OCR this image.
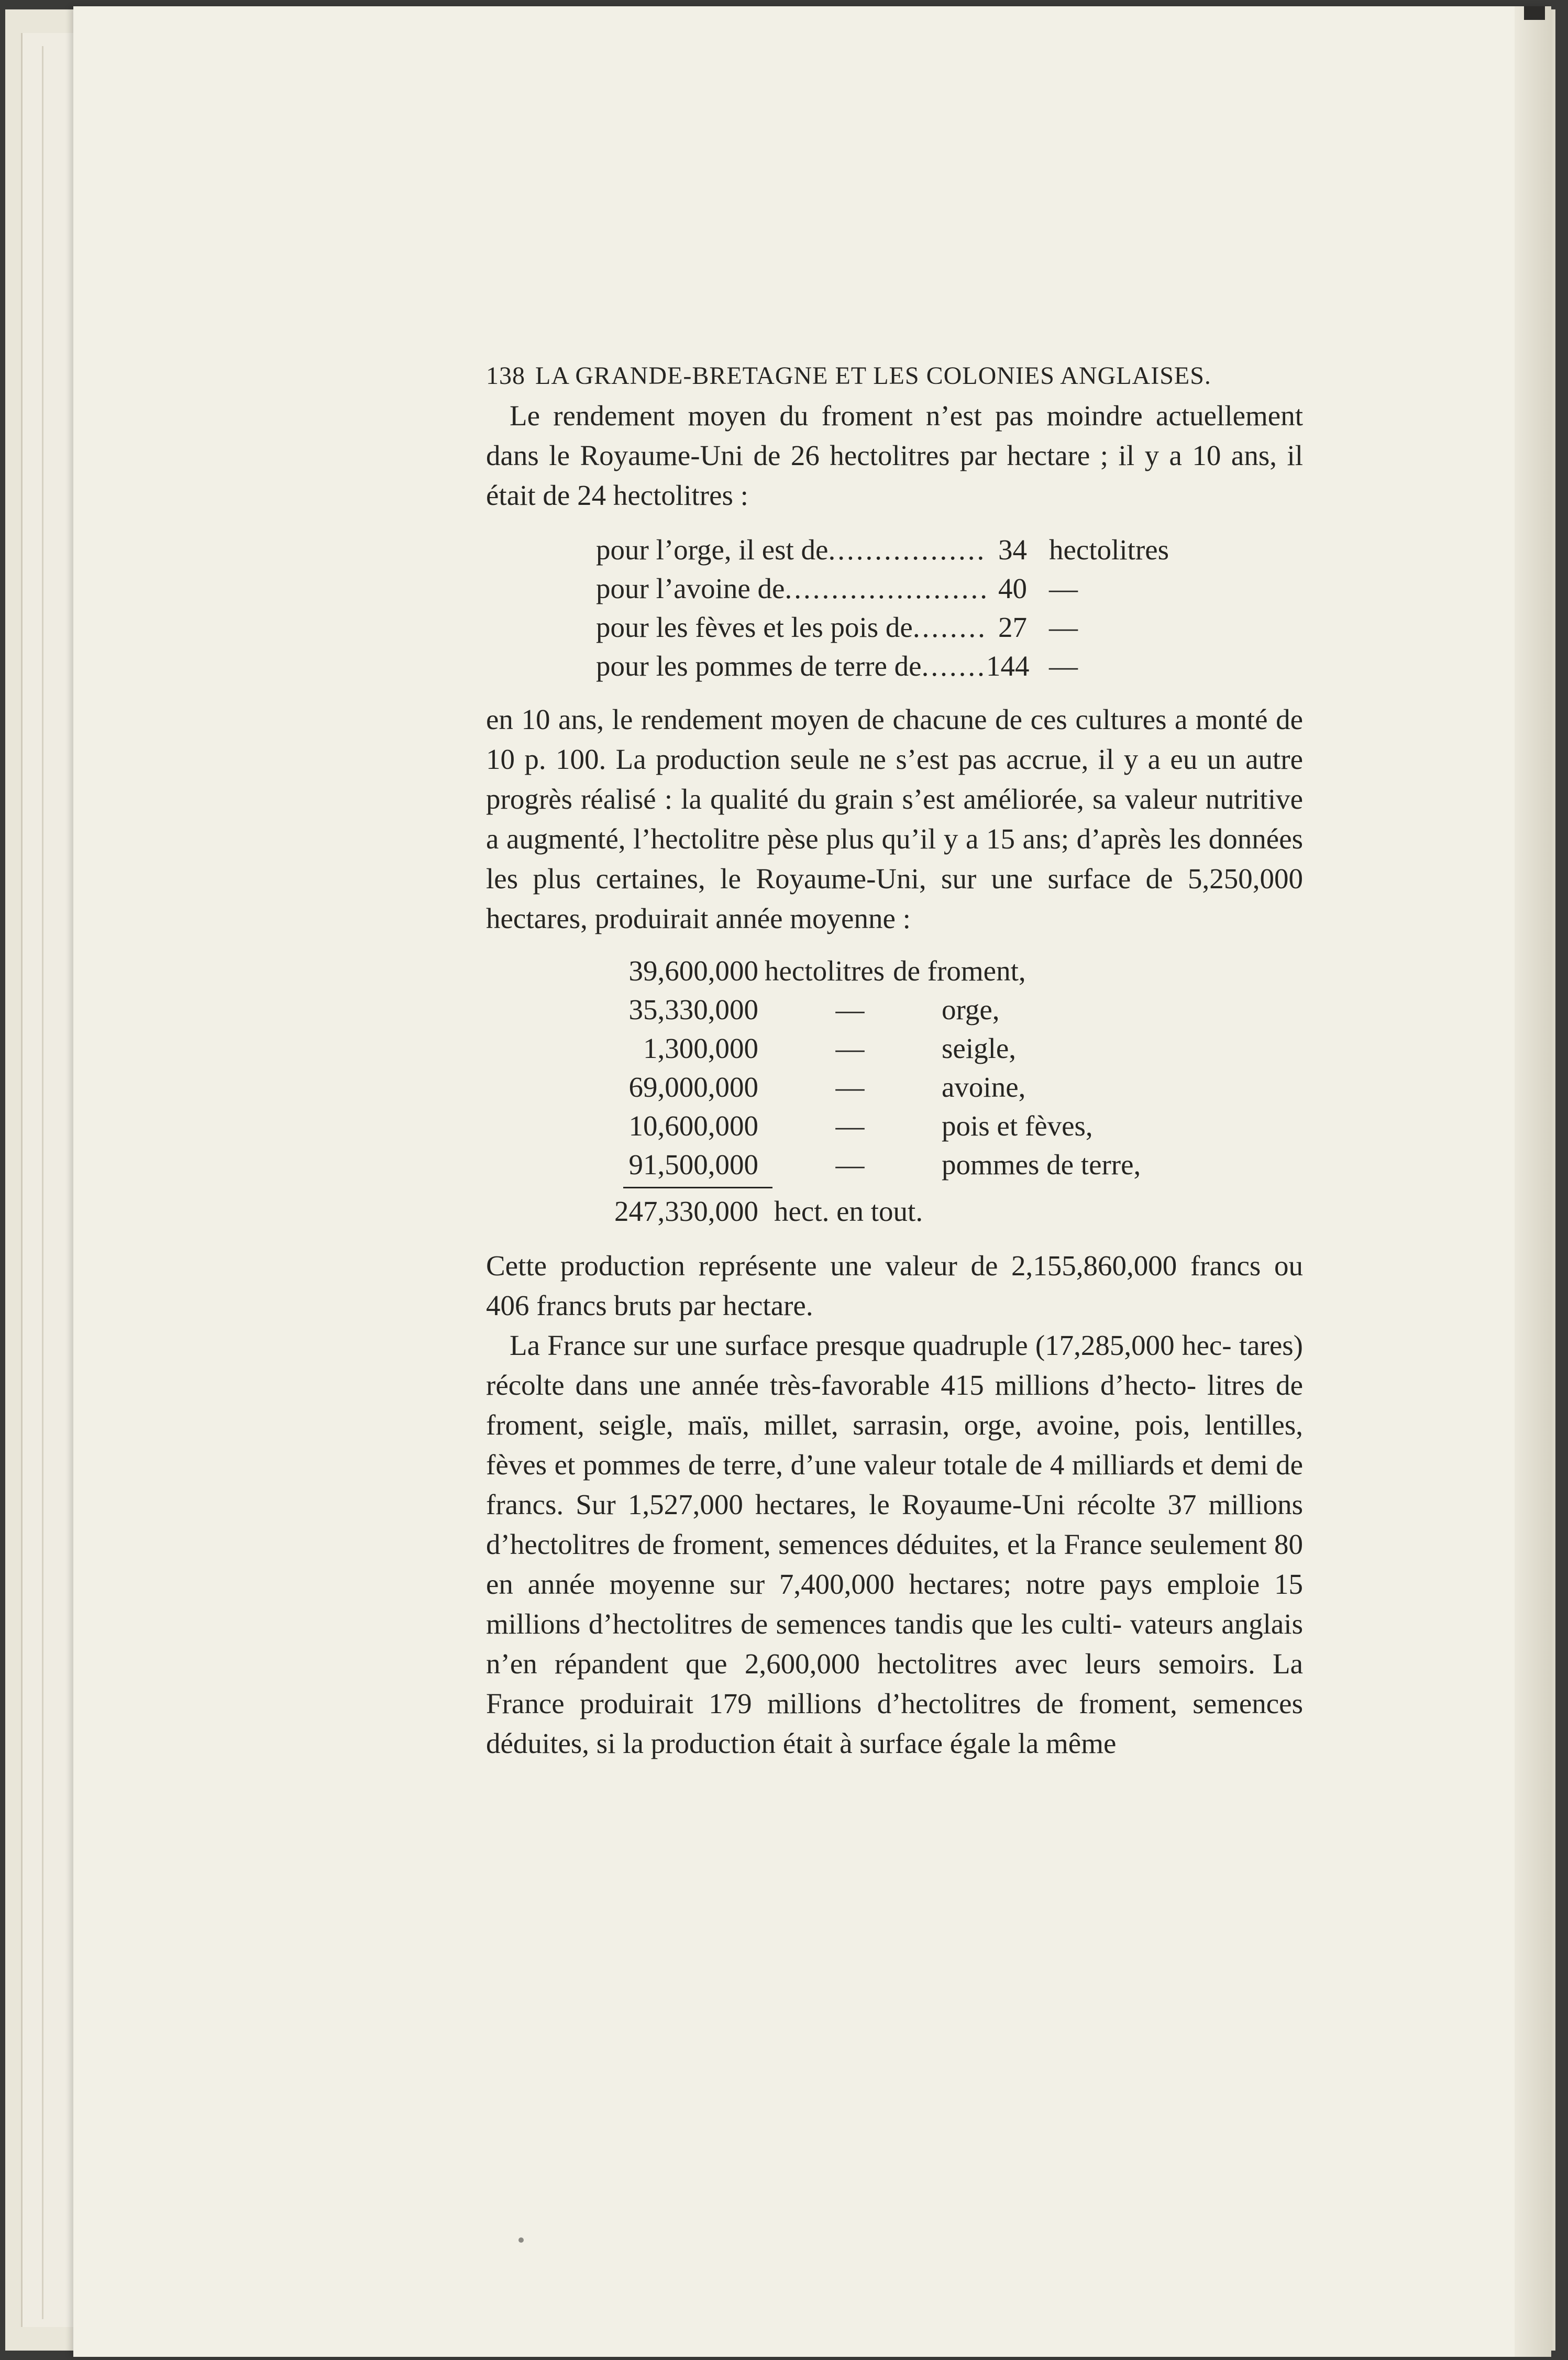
138 LA GRANDE-BRETAGNE ET LES COLONIES ANGLAISES.

Le rendement moyen du froment n’est pas moindre actuellement dans le Royaume-Uni de 26 hectolitres par hectare ; il y a 10 ans, il était de 24 hectolitres :

pour l’orge, il est de .....	34 hectolitres
pour l’avoine de .....	40 —
pour les fèves et les pois de .....	27 —
pour les pommes de terre de .....	144 —

en 10 ans, le rendement moyen de chacune de ces cultures a monté de 10 p. 100. La production seule ne s’est pas accrue, il y a eu un autre progrès réalisé : la qualité du grain s’est améliorée, sa valeur nutritive a augmenté, l’hectolitre pèse plus qu’il y a 15 ans; d’après les données les plus certaines, le Royaume-Uni, sur une surface de 5,250,000 hectares, produirait année moyenne :

39,600,000 hectolitres de froment,
35,330,000	—	orge,
1,300,000	—	seigle,
69,000,000	—	avoine,
10,600,000	—	pois et fèves,
91,500,000	—	pommes de terre,
247,330,000 hect. en tout.

Cette production représente une valeur de 2,155,860,000 francs ou 406 francs bruts par hectare.

La France sur une surface presque quadruple (17,285,000 hec- tares) récolte dans une année très-favorable 415 millions d’hecto- litres de froment, seigle, maïs, millet, sarrasin, orge, avoine, pois, lentilles, fèves et pommes de terre, d’une valeur totale de 4 milliards et demi de francs. Sur 1,527,000 hectares, le Royaume-Uni récolte 37 millions d’hectolitres de froment, semences déduites, et la France seulement 80 en année moyenne sur 7,400,000 hectares; notre pays emploie 15 millions d’hectolitres de semences tandis que les culti- vateurs anglais n’en répandent que 2,600,000 hectolitres avec leurs semoirs. La France produirait 179 millions d’hectolitres de froment, semences déduites, si la production était à surface égale la même
